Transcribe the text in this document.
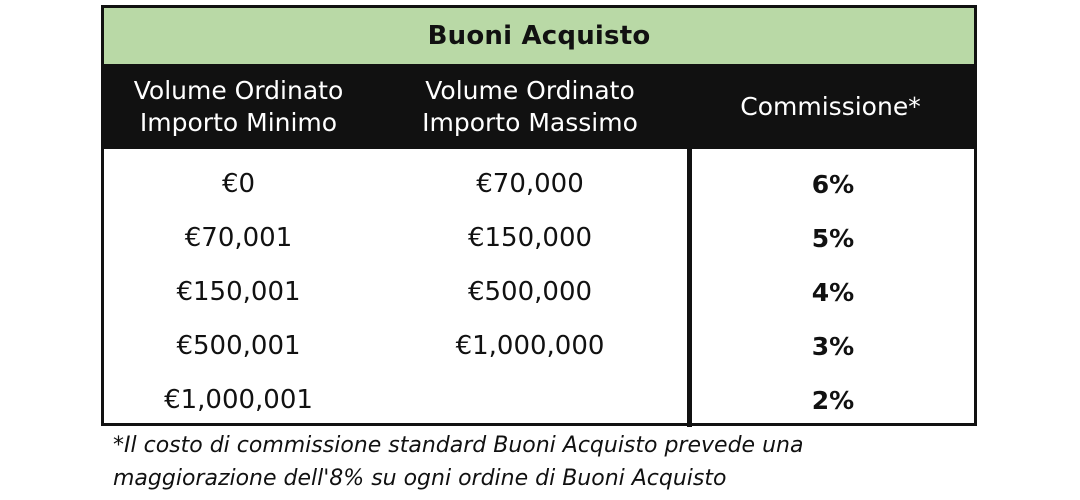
Buoni Acquisto
Volume Ordinato
Importo Minimo
Volume Ordinato
Importo Massimo
Commissione*
€0
€70,001
€150,001
€500,001
€1,000,001
€70,000
€150,000
€500,000
€1,000,000
6%
5%
4%
3%
2%
*Il costo di commissione standard Buoni Acquisto prevede una
maggiorazione dell'8% su ogni ordine di Buoni Acquisto
